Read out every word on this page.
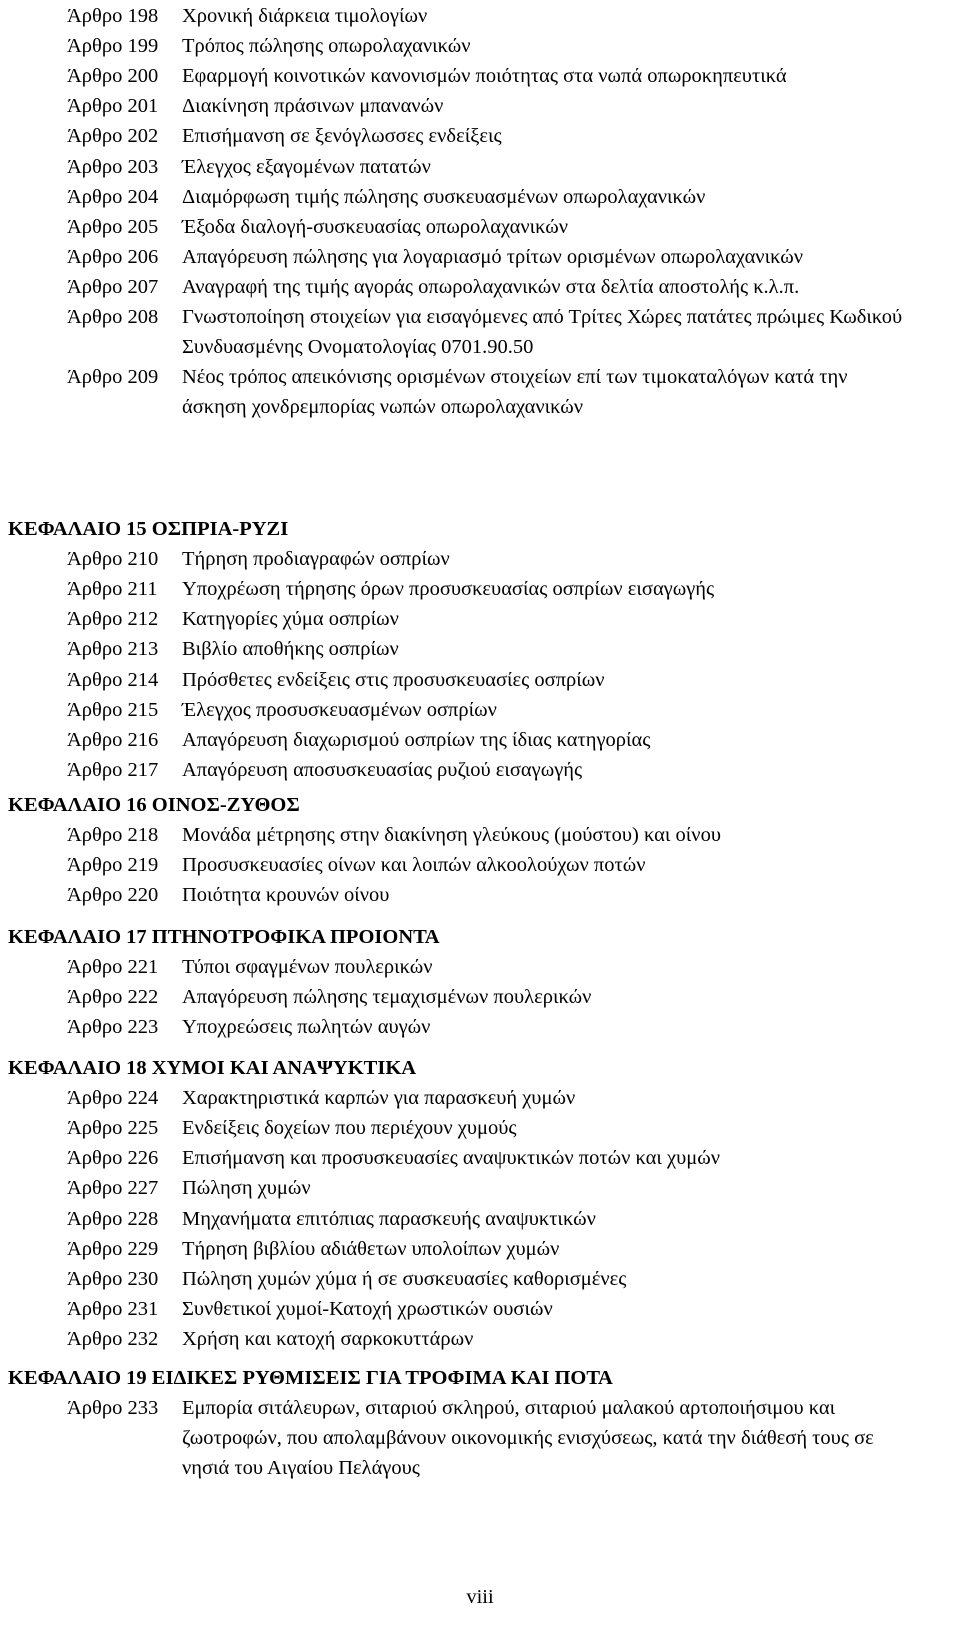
Άρθρο 198 Χρονική διάρκεια τιμολογίων
Άρθρο 199 Τρόπος πώλησης οπωρολαχανικών
Άρθρο 200 Εφαρμογή κοινοτικών κανονισμών ποιότητας στα νωπά οπωροκηπευτικά
Άρθρο 201 Διακίνηση πράσινων μπανανών
Άρθρο 202 Επισήμανση σε ξενόγλωσσες ενδείξεις
Άρθρο 203 Έλεγχος εξαγομένων πατατών
Άρθρο 204 Διαμόρφωση τιμής πώλησης συσκευασμένων οπωρολαχανικών
Άρθρο 205 Έξοδα διαλογή-συσκευασίας οπωρολαχανικών
Άρθρο 206 Απαγόρευση πώλησης για λογαριασμό τρίτων ορισμένων οπωρολαχανικών
Άρθρο 207 Αναγραφή της τιμής αγοράς οπωρολαχανικών στα δελτία αποστολής κ.λ.π.
Άρθρο 208 Γνωστοποίηση στοιχείων για εισαγόμενες από Τρίτες Χώρες πατάτες πρώιμες Κωδικού Συνδυασμένης Ονοματολογίας 0701.90.50
Άρθρο 209 Νέος τρόπος απεικόνισης ορισμένων στοιχείων επί των τιμοκαταλόγων κατά την άσκηση χονδρεμπορίας νωπών οπωρολαχανικών
ΚΕΦΑΛΑΙΟ 15 ΟΣΠΡΙΑ-ΡΥΖΙ
Άρθρο 210 Τήρηση προδιαγραφών οσπρίων
Άρθρο 211 Υποχρέωση τήρησης όρων προσυσκευασίας οσπρίων εισαγωγής
Άρθρο 212 Κατηγορίες χύμα οσπρίων
Άρθρο 213 Βιβλίο αποθήκης οσπρίων
Άρθρο 214 Πρόσθετες ενδείξεις στις προσυσκευασίες οσπρίων
Άρθρο 215 Έλεγχος προσυσκευασμένων οσπρίων
Άρθρο 216 Απαγόρευση διαχωρισμού οσπρίων της ίδιας κατηγορίας
Άρθρο 217 Απαγόρευση αποσυσκευασίας ρυζιού εισαγωγής
ΚΕΦΑΛΑΙΟ 16 ΟΙΝΟΣ-ΖΥΘΟΣ
Άρθρο 218 Μονάδα μέτρησης στην διακίνηση γλεύκους (μούστου) και οίνου
Άρθρο 219 Προσυσκευασίες οίνων και λοιπών αλκοολούχων ποτών
Άρθρο 220 Ποιότητα κρουνών οίνου
ΚΕΦΑΛΑΙΟ 17 ΠΤΗΝΟΤΡΟΦΙΚΑ ΠΡΟΙΟΝΤΑ
Άρθρο 221 Τύποι σφαγμένων πουλερικών
Άρθρο 222 Απαγόρευση πώλησης τεμαχισμένων πουλερικών
Άρθρο 223 Υποχρεώσεις πωλητών αυγών
ΚΕΦΑΛΑΙΟ 18 ΧΥΜΟΙ ΚΑΙ ΑΝΑΨΥΚΤΙΚΑ
Άρθρο 224 Χαρακτηριστικά καρπών για παρασκευή χυμών
Άρθρο 225 Ενδείξεις δοχείων που περιέχουν χυμούς
Άρθρο 226 Επισήμανση και προσυσκευασίες αναψυκτικών ποτών και χυμών
Άρθρο 227 Πώληση χυμών
Άρθρο 228 Μηχανήματα επιτόπιας παρασκευής αναψυκτικών
Άρθρο 229 Τήρηση βιβλίου αδιάθετων υπολοίπων χυμών
Άρθρο 230 Πώληση χυμών χύμα ή σε συσκευασίες καθορισμένες
Άρθρο 231 Συνθετικοί χυμοί-Κατοχή χρωστικών ουσιών
Άρθρο 232 Χρήση και κατοχή σαρκοκυττάρων
ΚΕΦΑΛΑΙΟ 19 ΕΙΔΙΚΕΣ ΡΥΘΜΙΣΕΙΣ ΓΙΑ ΤΡΟΦΙΜΑ ΚΑΙ ΠΟΤΑ
Άρθρο 233 Εμπορία σιτάλευρων, σιταριού σκληρού, σιταριού μαλακού αρτοποιήσιμου και ζωοτροφών, που απολαμβάνουν οικονομικής ενισχύσεως, κατά την διάθεσή τους σε νησιά του Αιγαίου Πελάγους
viii
